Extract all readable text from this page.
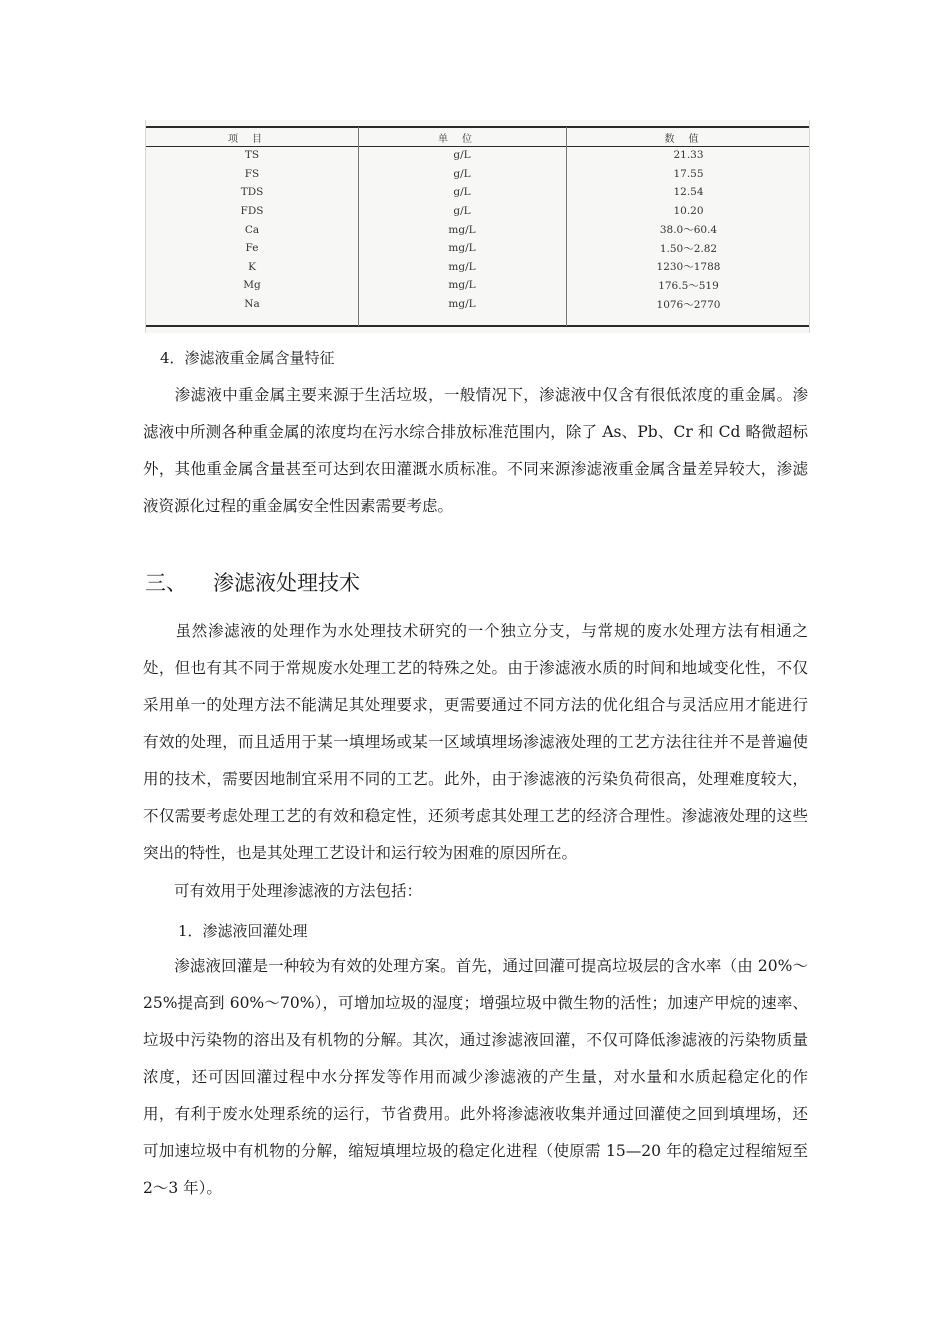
项目	单位	数值
TS	g/L	21.33
FS	g/L	17.55
TDS	g/L	12.54
FDS	g/L	10.20
Ca	mg/L	38.0～60.4
Fe	mg/L	1.50～2.82
K	mg/L	1230～1788
Mg	mg/L	176.5～519
Na	mg/L	1076～2770
4．渗滤液重金属含量特征
　　渗滤液中重金属主要来源于生活垃圾，一般情况下，渗滤液中仅含有很低浓度的重金属。渗滤液中所测各种重金属的浓度均在污水综合排放标准范围内，除了 As、Pb、Cr 和 Cd 略微超标外，其他重金属含量甚至可达到农田灌溉水质标准。不同来源渗滤液重金属含量差异较大，渗滤液资源化过程的重金属安全性因素需要考虑。
三、 渗滤液处理技术
　　虽然渗滤液的处理作为水处理技术研究的一个独立分支，与常规的废水处理方法有相通之处，但也有其不同于常规废水处理工艺的特殊之处。由于渗滤液水质的时间和地域变化性，不仅采用单一的处理方法不能满足其处理要求，更需要通过不同方法的优化组合与灵活应用才能进行有效的处理，而且适用于某一填埋场或某一区域填埋场渗滤液处理的工艺方法往往并不是普遍使用的技术，需要因地制宜采用不同的工艺。此外，由于渗滤液的污染负荷很高，处理难度较大，不仅需要考虑处理工艺的有效和稳定性，还须考虑其处理工艺的经济合理性。渗滤液处理的这些突出的特性，也是其处理工艺设计和运行较为困难的原因所在。
　　可有效用于处理渗滤液的方法包括：
1．渗滤液回灌处理
　　渗滤液回灌是一种较为有效的处理方案。首先，通过回灌可提高垃圾层的含水率（由 20%～25%提高到 60%～70%），可增加垃圾的湿度；增强垃圾中微生物的活性；加速产甲烷的速率、垃圾中污染物的溶出及有机物的分解。其次，通过渗滤液回灌，不仅可降低渗滤液的污染物质量浓度，还可因回灌过程中水分挥发等作用而减少渗滤液的产生量，对水量和水质起稳定化的作用，有利于废水处理系统的运行，节省费用。此外将渗滤液收集并通过回灌使之回到填埋场，还可加速垃圾中有机物的分解，缩短填埋垃圾的稳定化进程（使原需 15—20 年的稳定过程缩短至 2～3 年）。
